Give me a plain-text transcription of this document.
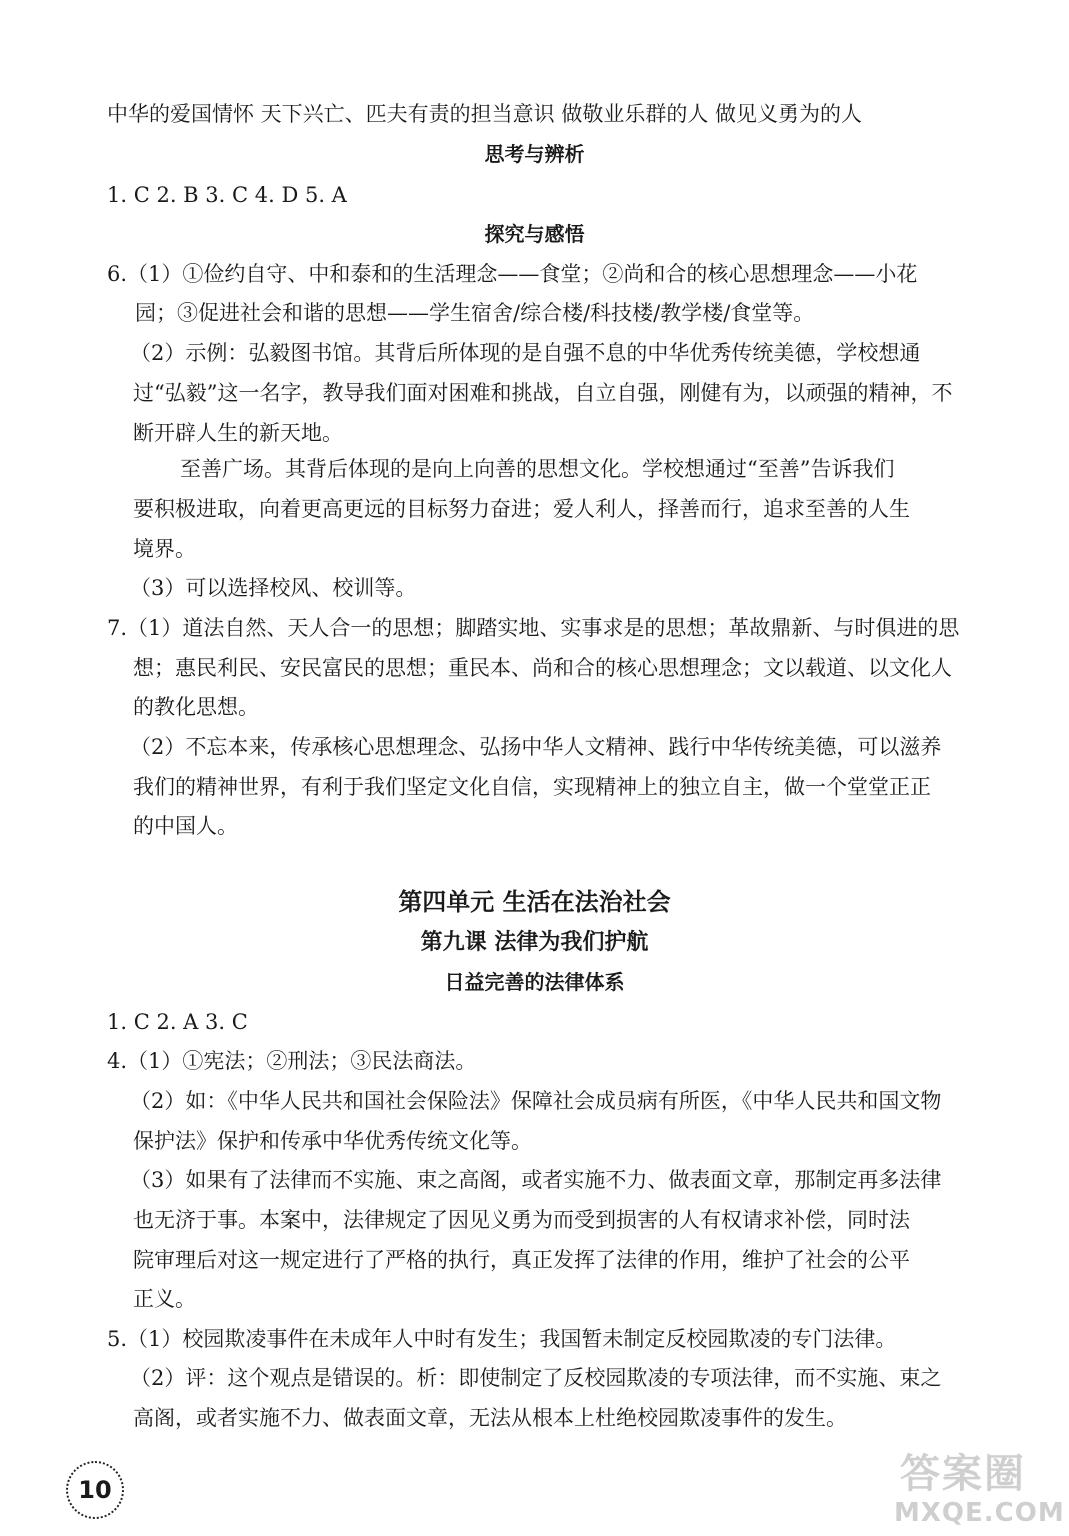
中华的爱国情怀 天下兴亡、匹夫有责的担当意识 做敬业乐群的人 做见义勇为的人
思考与辨析
1. C 2. B 3. C 4. D 5. A
探究与感悟
6.（1）①俭约自守、中和泰和的生活理念——食堂；②尚和合的核心思想理念——小花
园；③促进社会和谐的思想——学生宿舍/综合楼/科技楼/教学楼/食堂等。
（2）示例：弘毅图书馆。其背后所体现的是自强不息的中华优秀传统美德，学校想通
过“弘毅”这一名字，教导我们面对困难和挑战，自立自强，刚健有为，以顽强的精神，不
断开辟人生的新天地。
至善广场。其背后体现的是向上向善的思想文化。学校想通过“至善”告诉我们
要积极进取，向着更高更远的目标努力奋进；爱人利人，择善而行，追求至善的人生
境界。
（3）可以选择校风、校训等。
7.（1）道法自然、天人合一的思想；脚踏实地、实事求是的思想；革故鼎新、与时俱进的思
想；惠民利民、安民富民的思想；重民本、尚和合的核心思想理念；文以载道、以文化人
的教化思想。
（2）不忘本来，传承核心思想理念、弘扬中华人文精神、践行中华传统美德，可以滋养
我们的精神世界，有利于我们坚定文化自信，实现精神上的独立自主，做一个堂堂正正
的中国人。
第四单元 生活在法治社会
第九课 法律为我们护航
日益完善的法律体系
1. C 2. A 3. C
4.（1）①宪法；②刑法；③民法商法。
（2）如：《中华人民共和国社会保险法》保障社会成员病有所医，《中华人民共和国文物
保护法》保护和传承中华优秀传统文化等。
（3）如果有了法律而不实施、束之高阁，或者实施不力、做表面文章，那制定再多法律
也无济于事。本案中，法律规定了因见义勇为而受到损害的人有权请求补偿，同时法
院审理后对这一规定进行了严格的执行，真正发挥了法律的作用，维护了社会的公平
正义。
5.（1）校园欺凌事件在未成年人中时有发生；我国暂未制定反校园欺凌的专门法律。
（2）评：这个观点是错误的。析：即使制定了反校园欺凌的专项法律，而不实施、束之
高阁，或者实施不力、做表面文章，无法从根本上杜绝校园欺凌事件的发生。
10	答案圈
MXQE.COM
